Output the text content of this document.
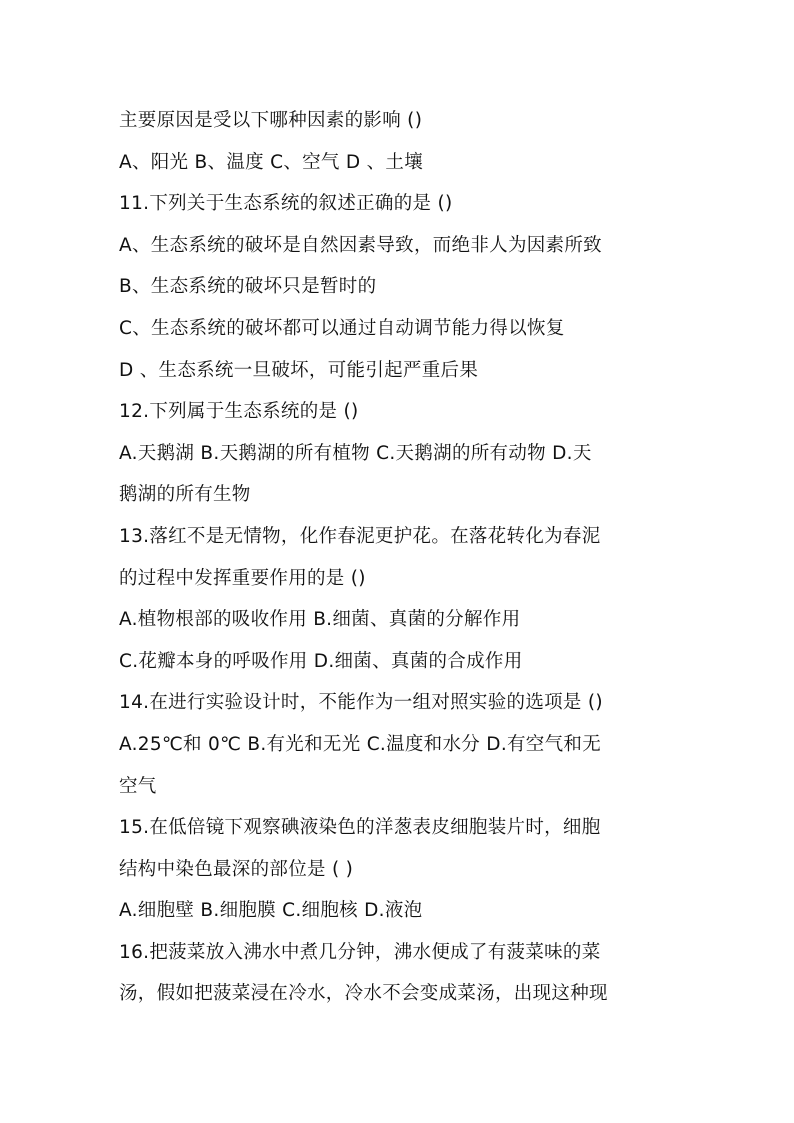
主要原因是受以下哪种因素的影响 ()
A、阳光 B、温度 C、空气 D 、土壤
11.下列关于生态系统的叙述正确的是 ()
A、生态系统的破坏是自然因素导致，而绝非人为因素所致
B、生态系统的破坏只是暂时的
C、生态系统的破坏都可以通过自动调节能力得以恢复
D 、生态系统一旦破坏，可能引起严重后果
12.下列属于生态系统的是 ()
A.天鹅湖 B.天鹅湖的所有植物 C.天鹅湖的所有动物 D.天
鹅湖的所有生物
13.落红不是无情物，化作春泥更护花。在落花转化为春泥
的过程中发挥重要作用的是 ()
A.植物根部的吸收作用 B.细菌、真菌的分解作用
C.花瓣本身的呼吸作用 D.细菌、真菌的合成作用
14.在进行实验设计时，不能作为一组对照实验的选项是 ()
A.25℃和 0℃ B.有光和无光 C.温度和水分 D.有空气和无
空气
15.在低倍镜下观察碘液染色的洋葱表皮细胞装片时，细胞
结构中染色最深的部位是 ( )
A.细胞壁 B.细胞膜 C.细胞核 D.液泡
16.把菠菜放入沸水中煮几分钟，沸水便成了有菠菜味的菜
汤，假如把菠菜浸在冷水，冷水不会变成菜汤，出现这种现
